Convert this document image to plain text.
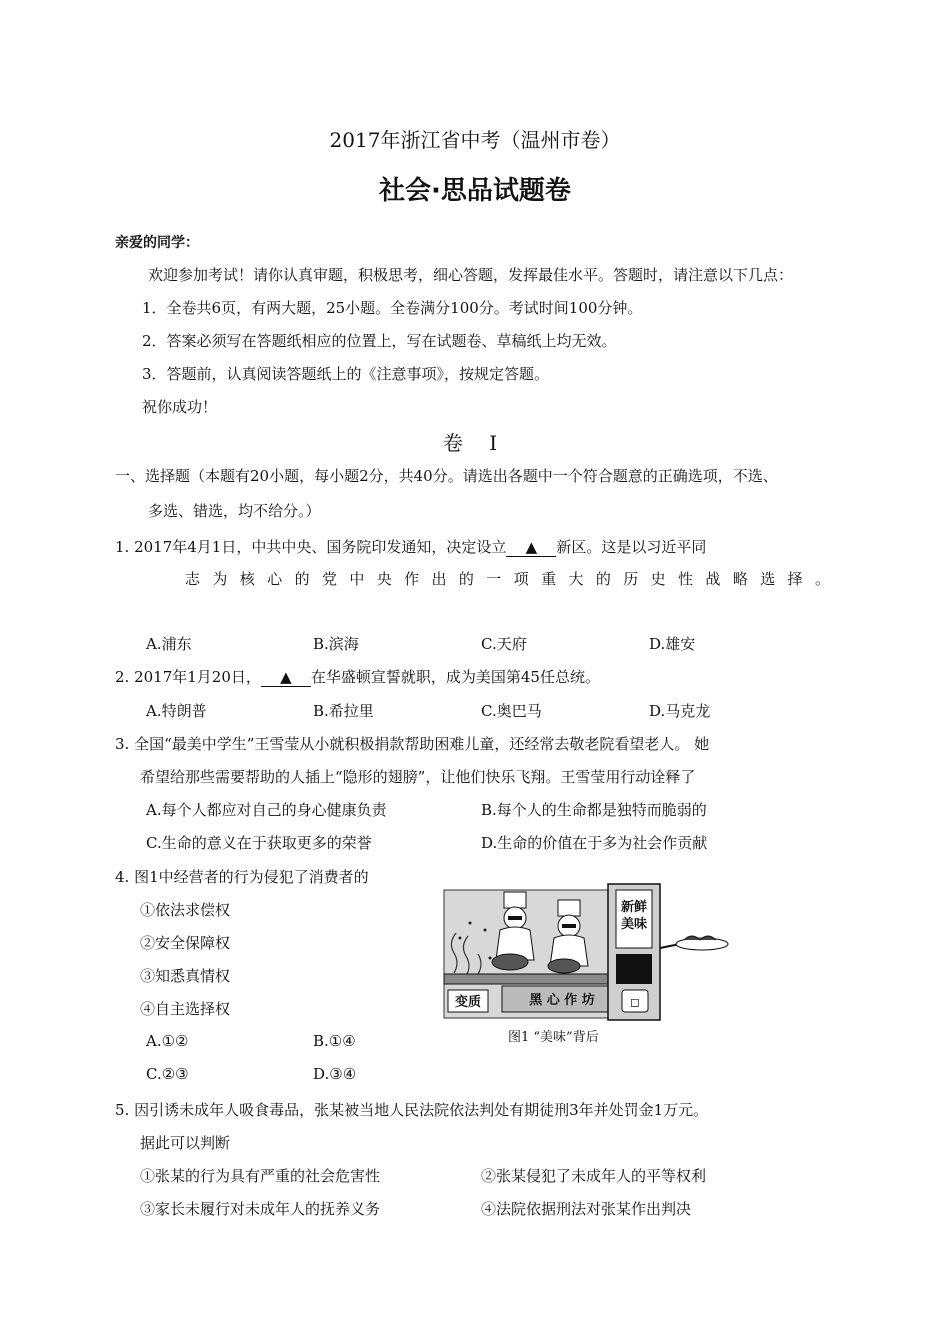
2017年浙江省中考（温州市卷）
社会·思品试题卷
亲爱的同学：
欢迎参加考试！请你认真审题，积极思考，细心答题，发挥最佳水平。答题时，请注意以下几点：
1．全卷共6页，有两大题，25小题。全卷满分100分。考试时间100分钟。
2．答案必须写在答题纸相应的位置上，写在试题卷、草稿纸上均无效。
3．答题前，认真阅读答题纸上的《注意事项》，按规定答题。
祝你成功！
卷 Ⅰ
一、选择题（本题有20小题，每小题2分，共40分。请选出各题中一个符合题意的正确选项，不选、
多选、错选，均不给分。）
1. 2017年4月1日，中共中央、国务院印发通知，决定设立 ▲ 新区。这是以习近平同
志 为 核 心 的 党 中 央 作 出 的 一 项 重 大 的 历 史 性 战 略 选 择 。
A.浦东	B.滨海	C.天府	D.雄安
2. 2017年1月20日， ▲ 在华盛顿宣誓就职，成为美国第45任总统。
A.特朗普	B.希拉里	C.奥巴马	D.马克龙
3. 全国“最美中学生”王雪莹从小就积极捐款帮助困难儿童，还经常去敬老院看望老人。 她
希望给那些需要帮助的人插上“隐形的翅膀”，让他们快乐飞翔。王雪莹用行动诠释了
A.每个人都应对自己的身心健康负责	B.每个人的生命都是独特而脆弱的
C.生命的意义在于获取更多的荣誉	D.生命的价值在于多为社会作贡献
4. 图1中经营者的行为侵犯了消费者的
①依法求偿权
②安全保障权
③知悉真情权
④自主选择权
A.①②	B.①④
C.②③	D.③④
黑 心 作 坊
变质
新鲜
美味
◻
图1 “美味”背后
5. 因引诱未成年人吸食毒品，张某被当地人民法院依法判处有期徒刑3年并处罚金1万元。
据此可以判断
①张某的行为具有严重的社会危害性	②张某侵犯了未成年人的平等权利
③家长未履行对未成年人的抚养义务	④法院依据刑法对张某作出判决
